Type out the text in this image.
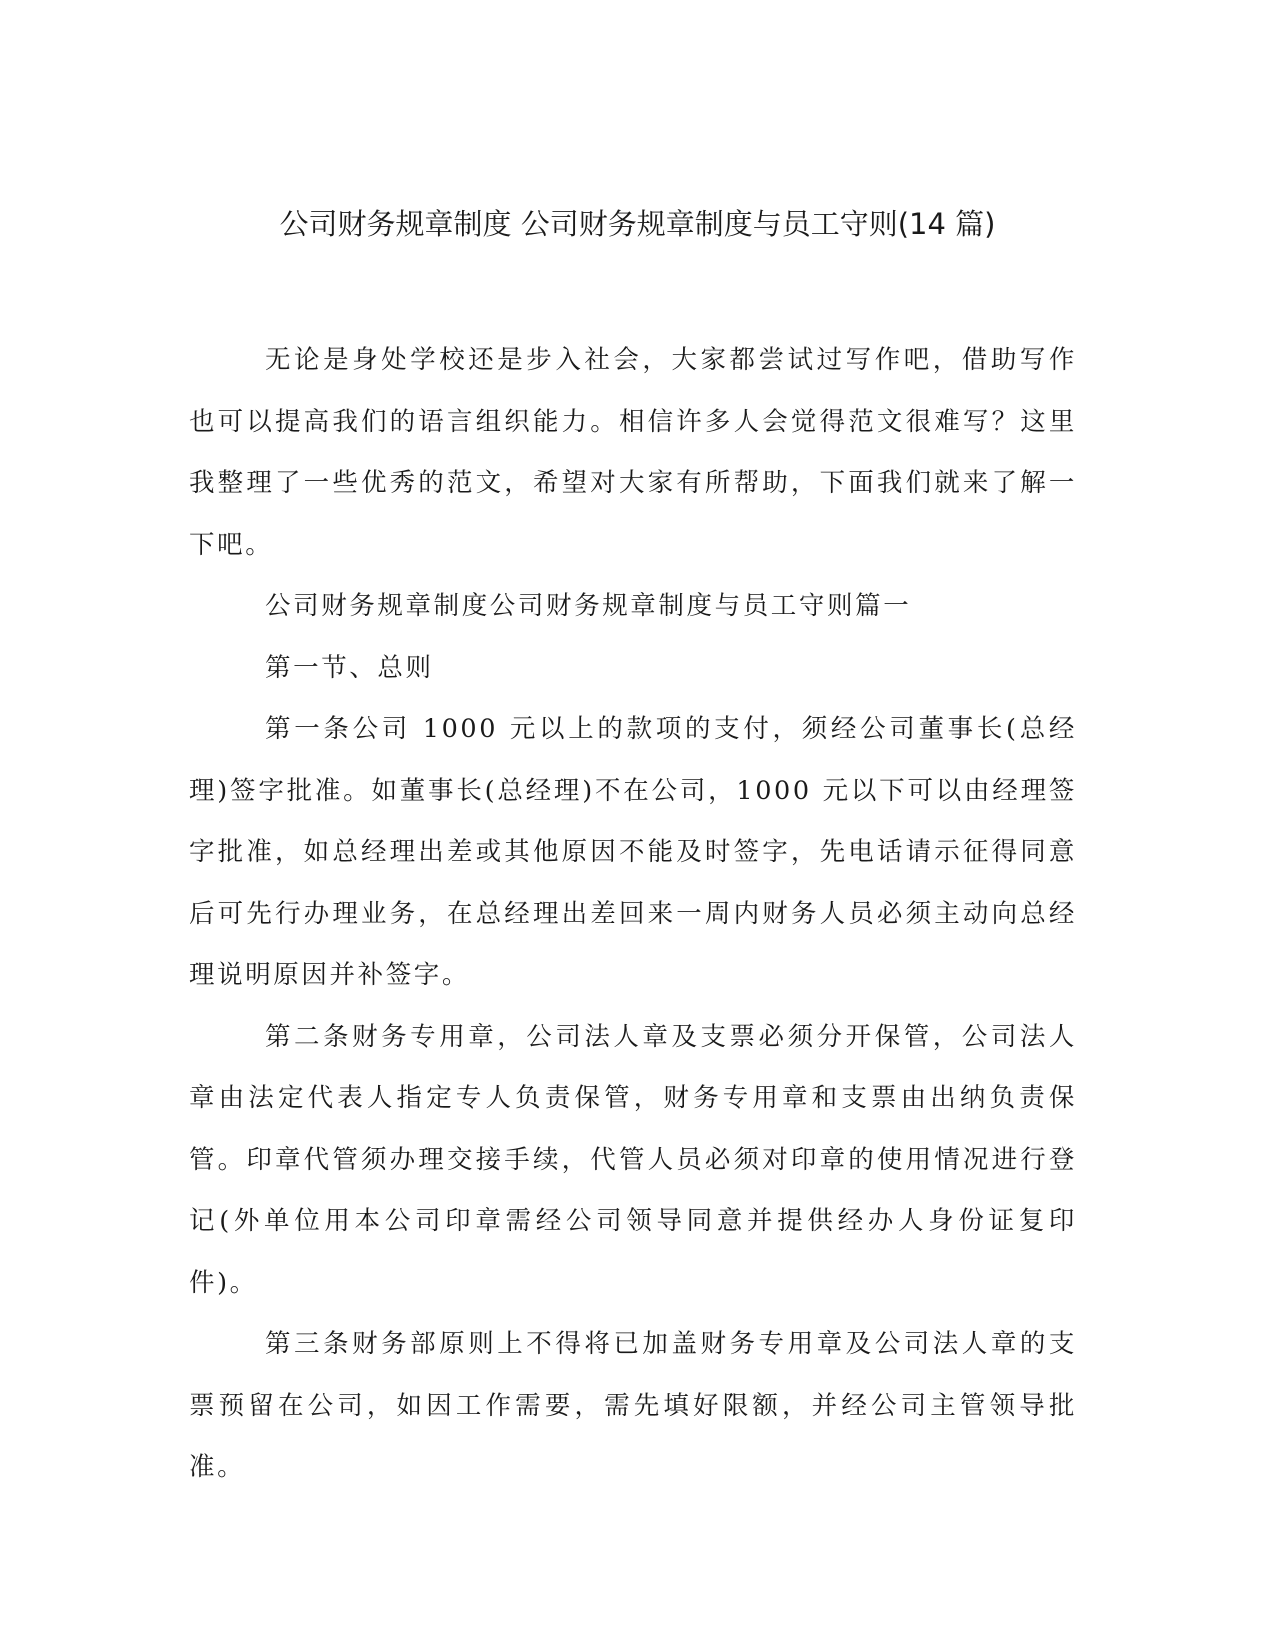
公司财务规章制度 公司财务规章制度与员工守则(14 篇)

无论是身处学校还是步入社会，大家都尝试过写作吧，借助写作也可以提高我们的语言组织能力。相信许多人会觉得范文很难写？这里我整理了一些优秀的范文，希望对大家有所帮助，下面我们就来了解一下吧。

公司财务规章制度公司财务规章制度与员工守则篇一

第一节、总则

第一条公司 1000 元以上的款项的支付，须经公司董事长(总经理)签字批准。如董事长(总经理)不在公司，1000 元以下可以由经理签字批准，如总经理出差或其他原因不能及时签字，先电话请示征得同意后可先行办理业务，在总经理出差回来一周内财务人员必须主动向总经理说明原因并补签字。

第二条财务专用章，公司法人章及支票必须分开保管，公司法人章由法定代表人指定专人负责保管，财务专用章和支票由出纳负责保管。印章代管须办理交接手续，代管人员必须对印章的使用情况进行登记(外单位用本公司印章需经公司领导同意并提供经办人身份证复印件)。

第三条财务部原则上不得将已加盖财务专用章及公司法人章的支票预留在公司，如因工作需要，需先填好限额，并经公司主管领导批准。
